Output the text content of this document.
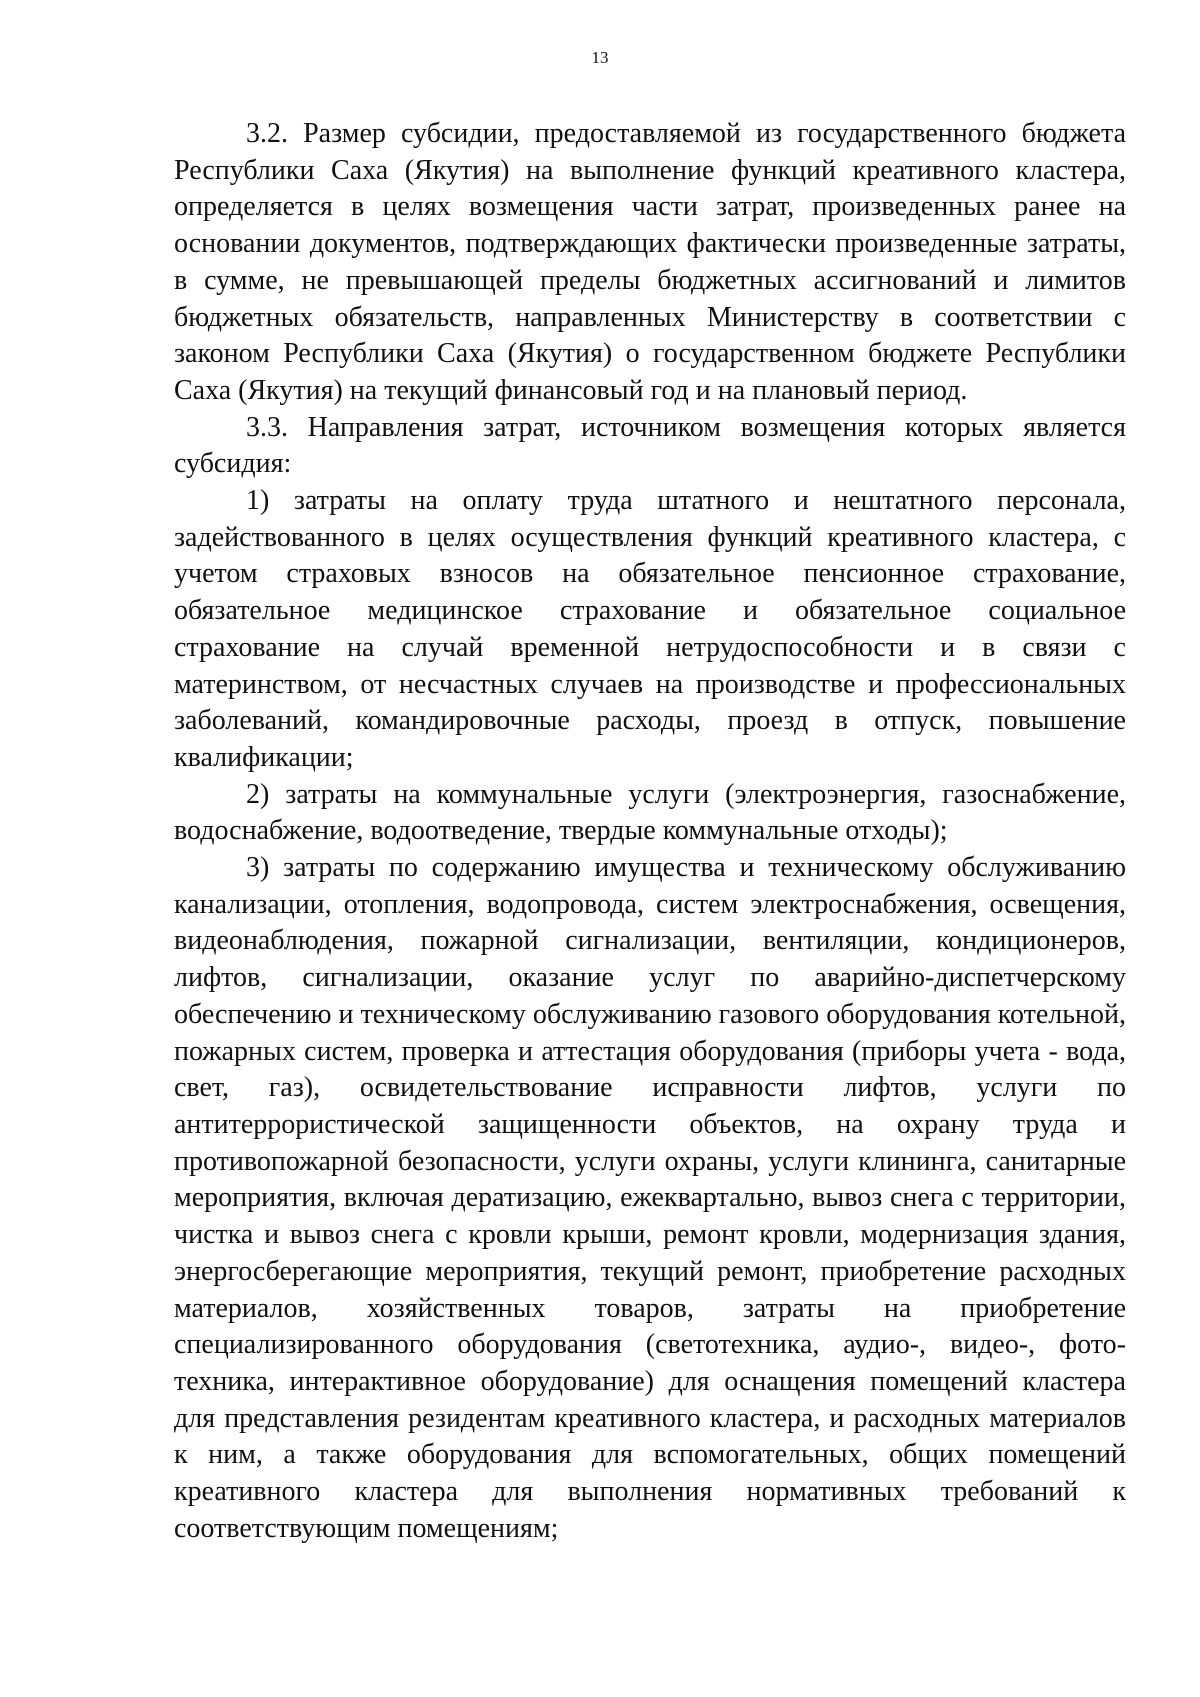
13

3.2. Размер субсидии, предоставляемой из государственного бюджета Республики Саха (Якутия) на выполнение функций креативного кластера, определяется в целях возмещения части затрат, произведенных ранее на основании документов, подтверждающих фактически произведенные затраты, в сумме, не превышающей пределы бюджетных ассигнований и лимитов бюджетных обязательств, направленных Министерству в соответствии с законом Республики Саха (Якутия) о государственном бюджете Республики Саха (Якутия) на текущий финансовый год и на плановый период.

3.3. Направления затрат, источником возмещения которых является субсидия:

1) затраты на оплату труда штатного и нештатного персонала, задействованного в целях осуществления функций креативного кластера, с учетом страховых взносов на обязательное пенсионное страхование, обязательное медицинское страхование и обязательное социальное страхование на случай временной нетрудоспособности и в связи с материнством, от несчастных случаев на производстве и профессиональных заболеваний, командировочные расходы, проезд в отпуск, повышение квалификации;

2) затраты на коммунальные услуги (электроэнергия, газоснабжение, водоснабжение, водоотведение, твердые коммунальные отходы);

3) затраты по содержанию имущества и техническому обслуживанию канализации, отопления, водопровода, систем электроснабжения, освещения, видеонаблюдения, пожарной сигнализации, вентиляции, кондиционеров, лифтов, сигнализации, оказание услуг по аварийно-диспетчерскому обеспечению и техническому обслуживанию газового оборудования котельной, пожарных систем, проверка и аттестация оборудования (приборы учета - вода, свет, газ), освидетельствование исправности лифтов, услуги по антитеррористической защищенности объектов, на охрану труда и противопожарной безопасности, услуги охраны, услуги клининга, санитарные мероприятия, включая дератизацию, ежеквартально, вывоз снега с территории, чистка и вывоз снега с кровли крыши, ремонт кровли, модернизация здания, энергосберегающие мероприятия, текущий ремонт, приобретение расходных материалов, хозяйственных товаров, затраты на приобретение специализированного оборудования (светотехника, аудио-, видео-, фото-техника, интерактивное оборудование) для оснащения помещений кластера для представления резидентам креативного кластера, и расходных материалов к ним, а также оборудования для вспомогательных, общих помещений креативного кластера для выполнения нормативных требований к соответствующим помещениям;
